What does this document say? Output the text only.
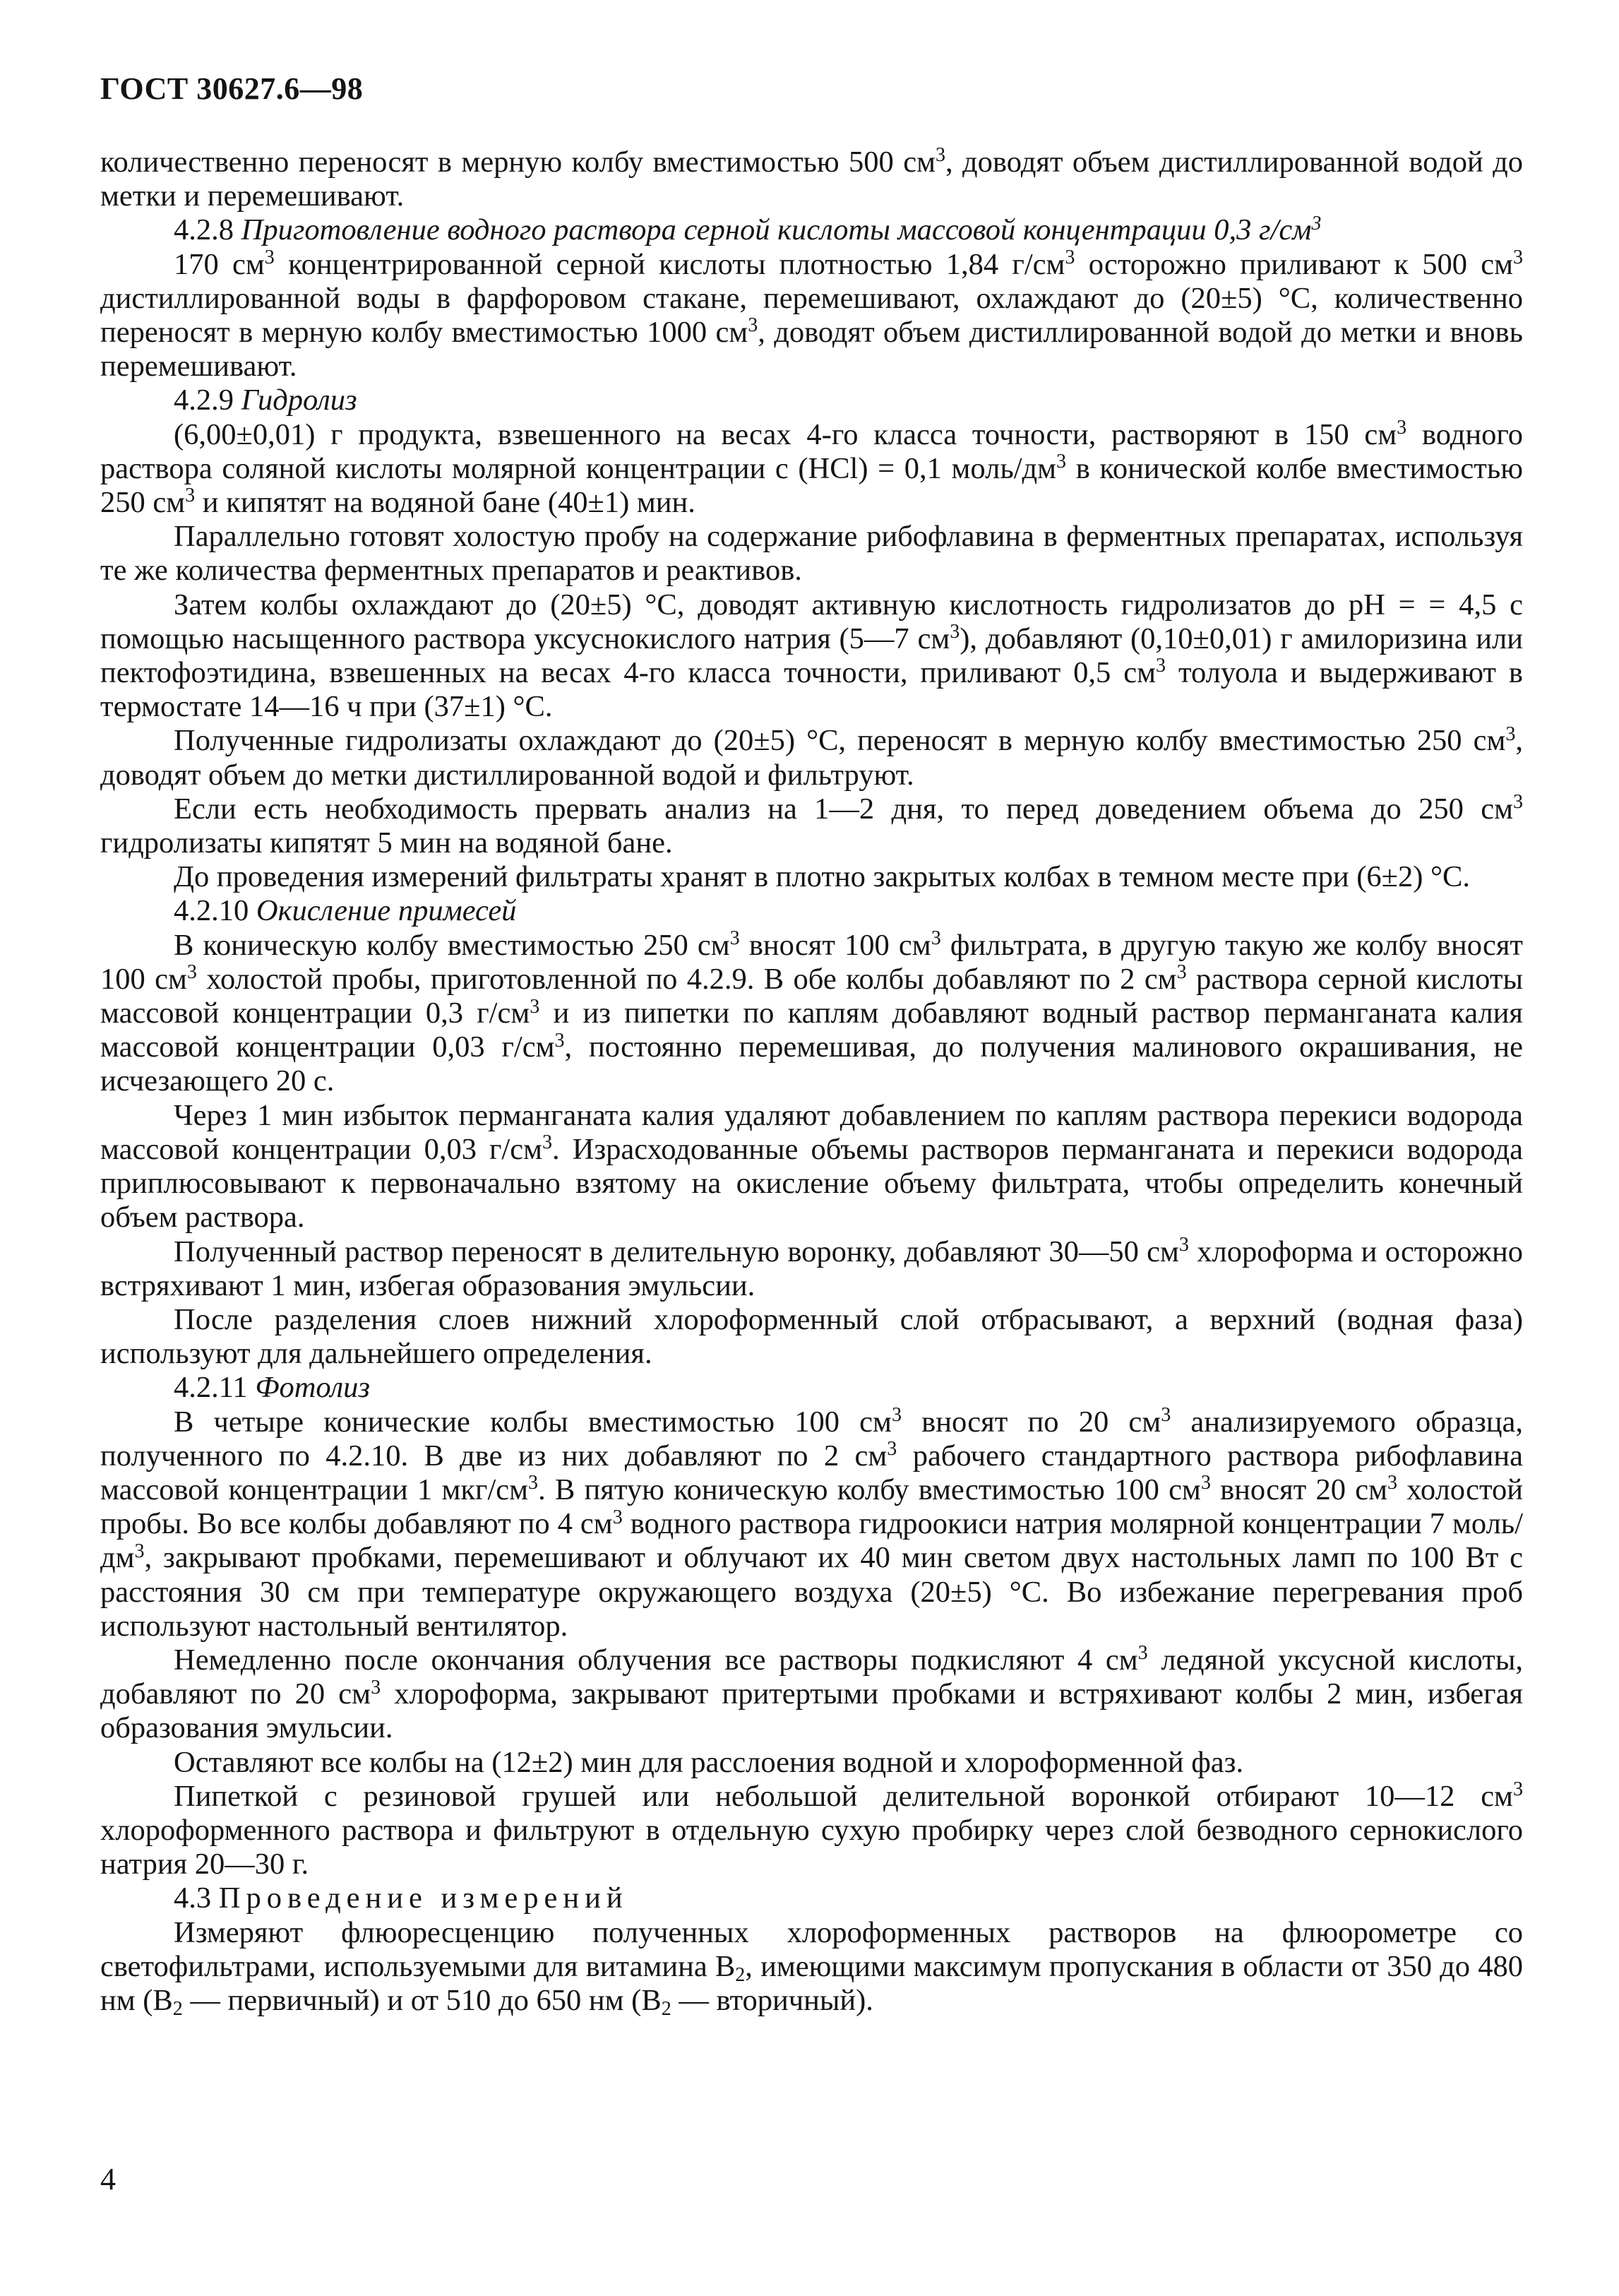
ГОСТ 30627.6—98

количественно переносят в мерную колбу вместимостью 500 $см^3$, доводят объем дистиллированной водой до метки и перемешивают.

4.2.8 Приготовление водного раствора серной кислоты массовой концентрации 0,3 $г/см^3$

170 $см^3$ концентрированной серной кислоты плотностью 1,84 $г/см^3$ осторожно приливают к 500 $см^3$ дистиллированной воды в фарфоровом стакане, перемешивают, охлаждают до (20±5) °С, количественно переносят в мерную колбу вместимостью 1000 $см^3$, доводят объем дистиллированной водой до метки и вновь перемешивают.

4.2.9 Гидролиз

(6,00±0,01) г продукта, взвешенного на весах 4-го класса точности, растворяют в 150 $см^3$ водного раствора соляной кислоты молярной концентрации с (HCl) = 0,1 моль/$дм^3$ в конической колбе вместимостью 250 $см^3$ и кипятят на водяной бане (40±1) мин.

Параллельно готовят холостую пробу на содержание рибофлавина в ферментных препаратах, используя те же количества ферментных препаратов и реактивов.

Затем колбы охлаждают до (20±5) °С, доводят активную кислотность гидролизатов до pH = = 4,5 с помощью насыщенного раствора уксуснокислого натрия (5—7 $см^3$), добавляют (0,10±0,01) г амилоризина или пектофоэтидина, взвешенных на весах 4-го класса точности, приливают 0,5 $см^3$ толуола и выдерживают в термостате 14—16 ч при (37±1) °С.

Полученные гидролизаты охлаждают до (20±5) °С, переносят в мерную колбу вместимостью 250 $см^3$, доводят объем до метки дистиллированной водой и фильтруют.

Если есть необходимость прервать анализ на 1—2 дня, то перед доведением объема до 250 $см^3$ гидролизаты кипятят 5 мин на водяной бане.

До проведения измерений фильтраты хранят в плотно закрытых колбах в темном месте при (6±2) °С.

4.2.10 Окисление примесей

В коническую колбу вместимостью 250 $см^3$ вносят 100 $см^3$ фильтрата, в другую такую же колбу вносят 100 $см^3$ холостой пробы, приготовленной по 4.2.9. В обе колбы добавляют по 2 $см^3$ раствора серной кислоты массовой концентрации 0,3 $г/см^3$ и из пипетки по каплям добавляют водный раствор перманганата калия массовой концентрации 0,03 $г/см^3$, постоянно перемешивая, до получения малинового окрашивания, не исчезающего 20 с.

Через 1 мин избыток перманганата калия удаляют добавлением по каплям раствора перекиси водорода массовой концентрации 0,03 $г/см^3$. Израсходованные объемы растворов перманганата и перекиси водорода приплюсовывают к первоначально взятому на окисление объему фильтрата, чтобы определить конечный объем раствора.

Полученный раствор переносят в делительную воронку, добавляют 30—50 $см^3$ хлороформа и осторожно встряхивают 1 мин, избегая образования эмульсии.

После разделения слоев нижний хлороформенный слой отбрасывают, а верхний (водная фаза) используют для дальнейшего определения.

4.2.11 Фотолиз

В четыре конические колбы вместимостью 100 $см^3$ вносят по 20 $см^3$ анализируемого образца, полученного по 4.2.10. В две из них добавляют по 2 $см^3$ рабочего стандартного раствора рибофлавина массовой концентрации 1 мкг/$см^3$. В пятую коническую колбу вместимостью 100 $см^3$ вносят 20 $см^3$ холостой пробы. Во все колбы добавляют по 4 $см^3$ водного раствора гидроокиси натрия молярной концентрации 7 моль/$дм^3$, закрывают пробками, перемешивают и облучают их 40 мин светом двух настольных ламп по 100 Вт с расстояния 30 см при температуре окружающего воздуха (20±5) °С. Во избежание перегревания проб используют настольный вентилятор.

Немедленно после окончания облучения все растворы подкисляют 4 $см^3$ ледяной уксусной кислоты, добавляют по 20 $см^3$ хлороформа, закрывают притертыми пробками и встряхивают колбы 2 мин, избегая образования эмульсии.

Оставляют все колбы на (12±2) мин для расслоения водной и хлороформенной фаз.

Пипеткой с резиновой грушей или небольшой делительной воронкой отбирают 10—12 $см^3$ хлороформенного раствора и фильтруют в отдельную сухую пробирку через слой безводного сернокислого натрия 20—30 г.

4.3 Проведение измерений

Измеряют флюоресценцию полученных хлороформенных растворов на флюорометре со светофильтрами, используемыми для витамина $B_2$, имеющими максимум пропускания в области от 350 до 480 нм ($B_2$ — первичный) и от 510 до 650 нм ($B_2$ — вторичный).

4
